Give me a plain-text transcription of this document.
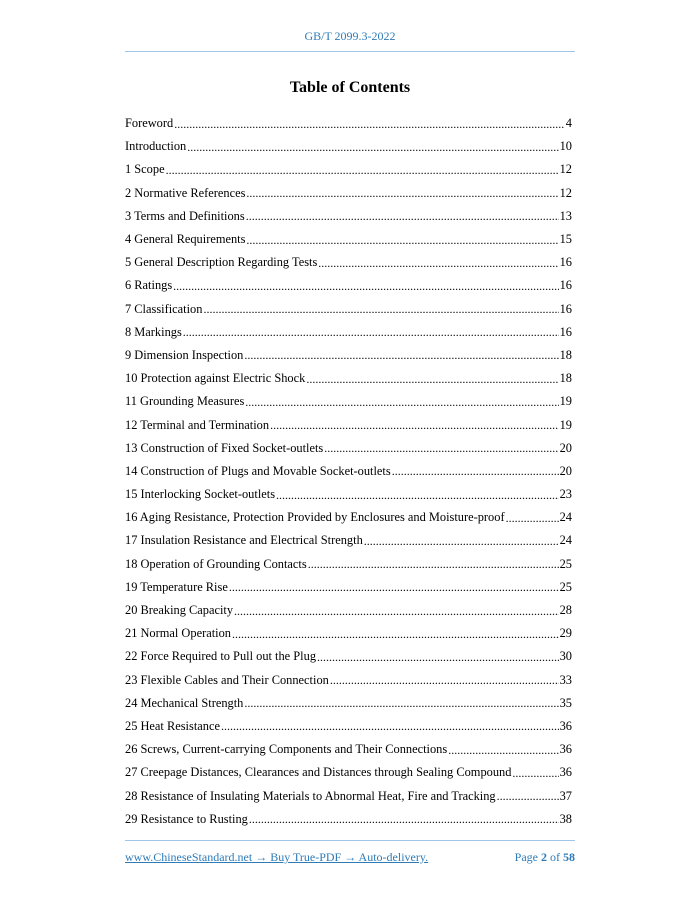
GB/T 2099.3-2022
Table of Contents
Foreword .....	4
Introduction .....	10
1 Scope .....	12
2 Normative References .....	12
3 Terms and Definitions .....	13
4 General Requirements .....	15
5 General Description Regarding Tests .....	16
6 Ratings .....	16
7 Classification .....	16
8 Markings .....	16
9 Dimension Inspection .....	18
10 Protection against Electric Shock .....	18
11 Grounding Measures .....	19
12 Terminal and Termination .....	19
13 Construction of Fixed Socket-outlets .....	20
14 Construction of Plugs and Movable Socket-outlets .....	20
15 Interlocking Socket-outlets .....	23
16 Aging Resistance, Protection Provided by Enclosures and Moisture-proof .....	24
17 Insulation Resistance and Electrical Strength .....	24
18 Operation of Grounding Contacts .....	25
19 Temperature Rise .....	25
20 Breaking Capacity .....	28
21 Normal Operation .....	29
22 Force Required to Pull out the Plug .....	30
23 Flexible Cables and Their Connection .....	33
24 Mechanical Strength .....	35
25 Heat Resistance .....	36
26 Screws, Current-carrying Components and Their Connections .....	36
27 Creepage Distances, Clearances and Distances through Sealing Compound .....	36
28 Resistance of Insulating Materials to Abnormal Heat, Fire and Tracking .....	37
29 Resistance to Rusting .....	38
www.ChineseStandard.net → Buy True-PDF → Auto-delivery.	Page 2 of 58
